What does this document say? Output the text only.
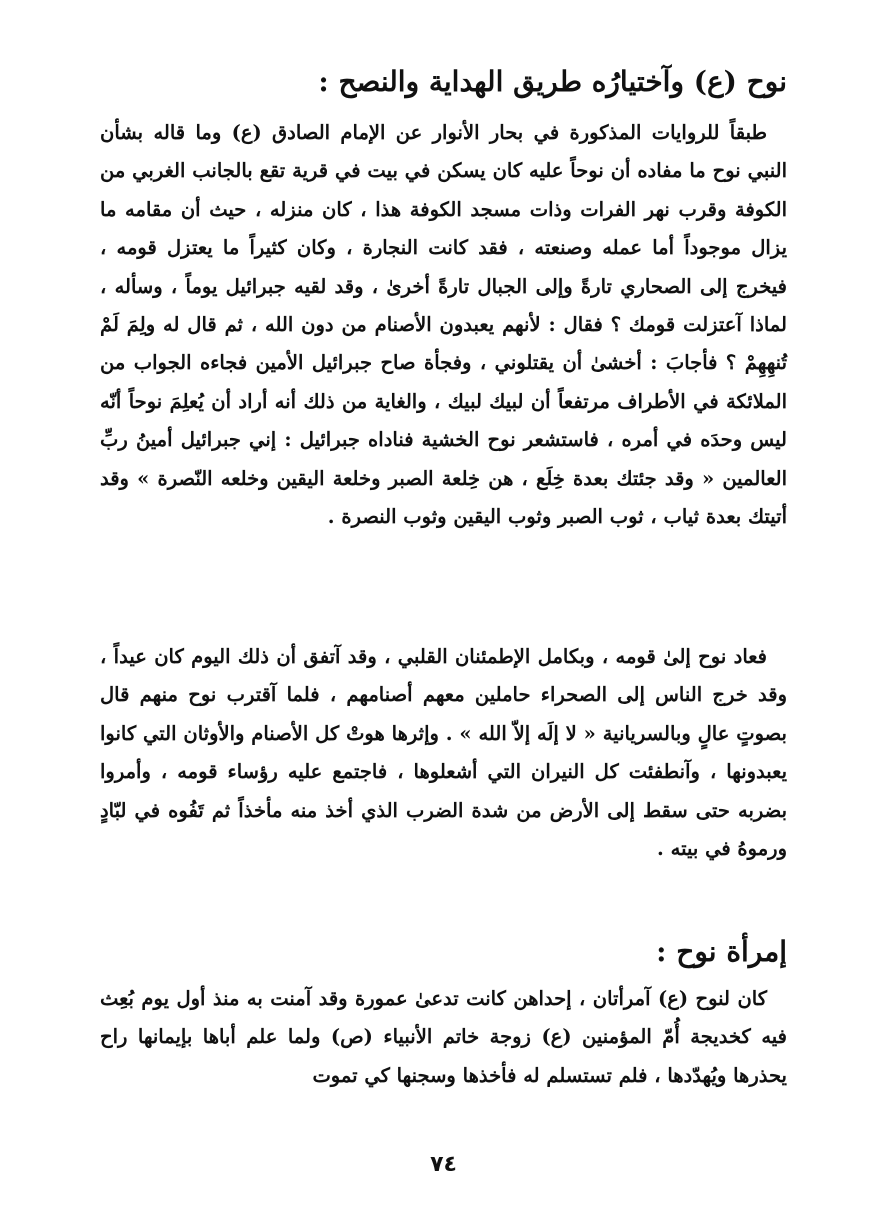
نوح (ع) وآختيارُه طريق الهداية والنصح :

طبقاً للروايات المذكورة في بحار الأنوار عن الإمام الصادق (ع) وما قاله بشأن النبي نوح ما مفاده أن نوحاً عليه كان يسكن في بيت في قرية تقع بالجانب الغربي من الكوفة وقرب نهر الفرات وذات مسجد الكوفة هذا ، كان منزله ، حيث أن مقامه ما يزال موجوداً أما عمله وصنعته ، فقد كانت النجارة ، وكان كثيراً ما يعتزل قومه ، فيخرج إلى الصحاري تارةً وإلى الجبال تارةً أخرىٰ ، وقد لقيه جبرائيل يوماً ، وسأله ، لماذا آعتزلت قومك ؟ فقال : لأنهم يعبدون الأصنام من دون الله ، ثم قال له ولِمَ لَمْ تُنهِهِمْ ؟ فأجابَ : أخشىٰ أن يقتلوني ، وفجأة صاح جبرائيل الأمين فجاءه الجواب من الملائكة في الأطراف مرتفعاً أن لبيك لبيك ، والغاية من ذلك أنه أراد أن يُعلِمَ نوحاً أنّه ليس وحدَه في أمره ، فاستشعر نوح الخشية فناداه جبرائيل : إني جبرائيل أمينُ ربِّ العالمين « وقد جئتك بعدة خِلَع ، هن خِلعة الصبر وخلعة اليقين وخلعه النّصرة » وقد أتيتك بعدة ثياب ، ثوب الصبر وثوب اليقين وثوب النصرة .

فعاد نوح إلىٰ قومه ، وبكامل الإطمئنان القلبي ، وقد آتفق أن ذلك اليوم كان عيداً ، وقد خرج الناس إلى الصحراء حاملين معهم أصنامهم ، فلما آقترب نوح منهم قال بصوتٍ عالٍ وبالسريانية « لا إلَه إلاّ الله » . وإثرها هوتْ كل الأصنام والأوثان التي كانوا يعبدونها ، وآنطفئت كل النيران التي أشعلوها ، فاجتمع عليه رؤساء قومه ، وأمروا بضربه حتى سقط إلى الأرض من شدة الضرب الذي أخذ منه مأخذاً ثم تَفُوه في لبّادٍ ورموهُ في بيته .

إمرأة نوح :

كان لنوح (ع) آمرأتان ، إحداهن كانت تدعىٰ عمورة وقد آمنت به منذ أول يوم بُعِث فيه كخديجة أُمّ المؤمنين (ع) زوجة خاتم الأنبياء (ص) ولما علم أباها بإيمانها راح يحذرها ويُهدّدها ، فلم تستسلم له فأخذها وسجنها كي تموت

٧٤
